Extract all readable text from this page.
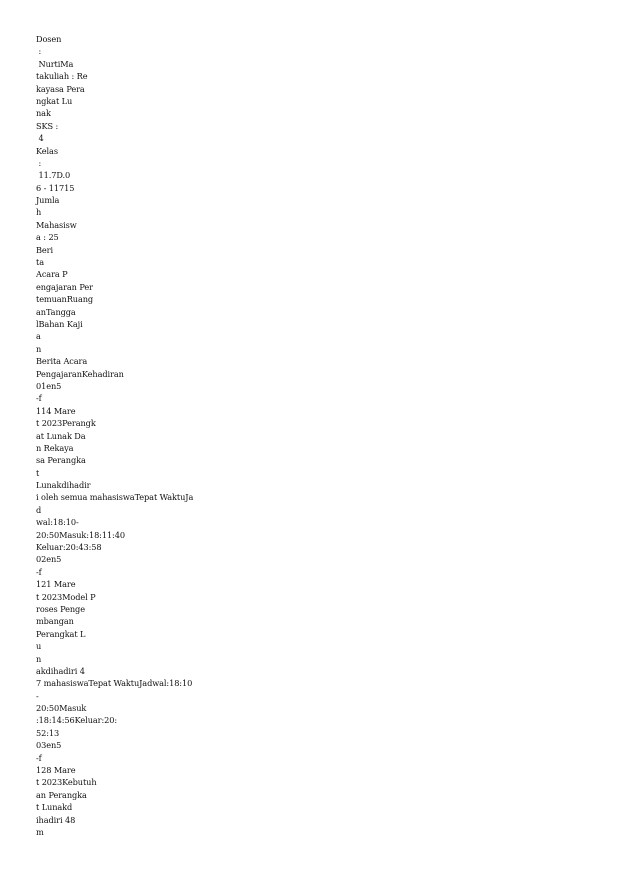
Dosen
:
NurtiMa
takuliah : Re
kayasa Pera
ngkat Lu
nak
SKS :
4
Kelas
:
11.7D.0
6 - 11715
Jumla
h
Mahasisw
a : 25
Beri
ta
Acara P
engajaran Per
temuanRuang
anTangga
lBahan Kaji
a
n
Berita Acara
PengajaranKehadiran
01en5
-f
114 Mare
t 2023Perangk
at Lunak Da
n Rekaya
sa Perangka
t
Lunakdihadir
i oleh semua mahasiswaTepat WaktuJa
d
wal:18:10-
20:50Masuk:18:11:40
Keluar:20:43:58
02en5
-f
121 Mare
t 2023Model P
roses Penge
mbangan
Perangkat L
u
n
akdihadiri 4
7 mahasiswaTepat WaktuJadwal:18:10
-
20:50Masuk
:18:14:56Keluar:20:
52:13
03en5
-f
128 Mare
t 2023Kebutuh
an Perangka
t Lunakd
ihadiri 48
m
